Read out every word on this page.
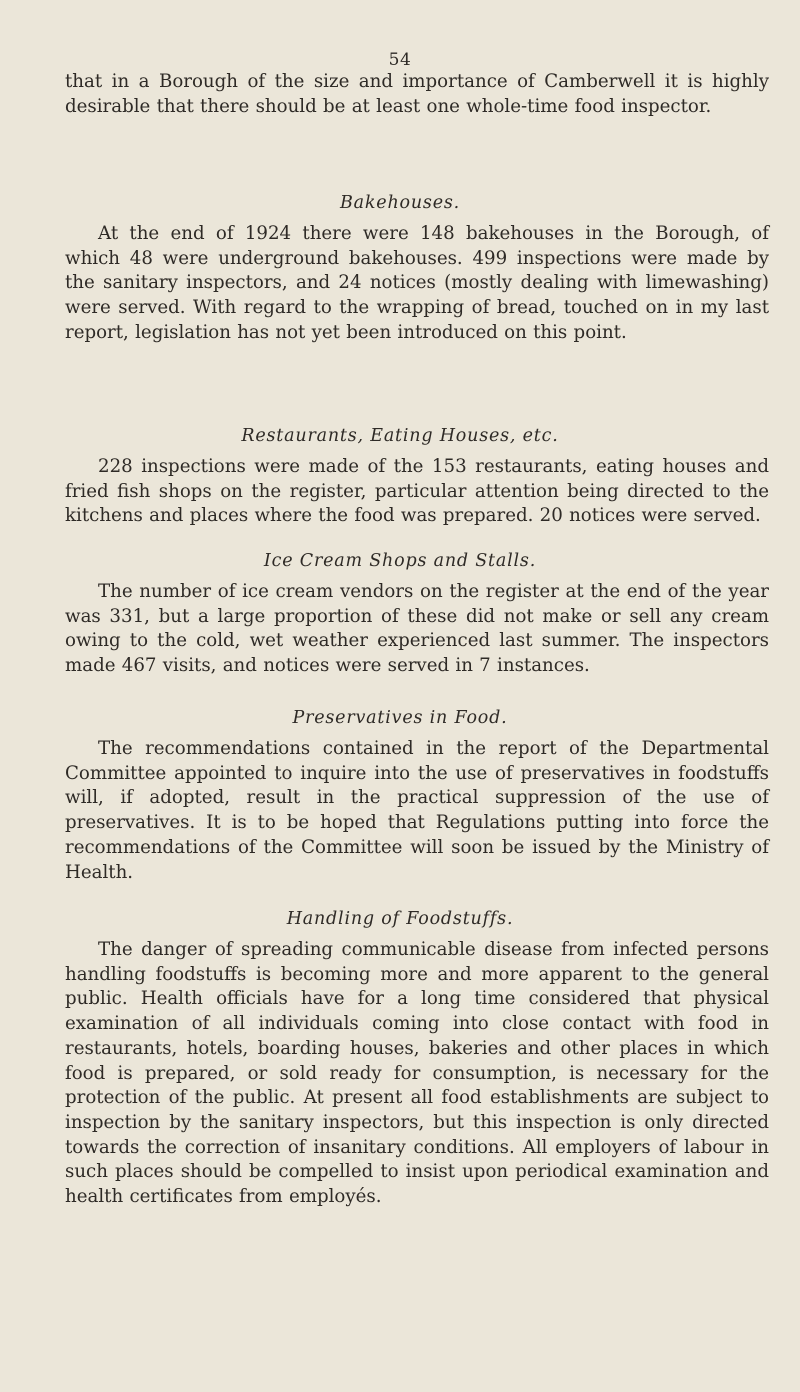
54

that in a Borough of the size and importance of Camberwell it is highly desirable that there should be at least one whole-time food inspector.

Bakehouses.

At the end of 1924 there were 148 bakehouses in the Borough, of which 48 were underground bakehouses. 499 inspections were made by the sanitary inspectors, and 24 notices (mostly dealing with limewashing) were served. With regard to the wrapping of bread, touched on in my last report, legislation has not yet been introduced on this point.

Restaurants, Eating Houses, etc.

228 inspections were made of the 153 restaurants, eating houses and fried fish shops on the register, particular attention being directed to the kitchens and places where the food was prepared. 20 notices were served.

Ice Cream Shops and Stalls.

The number of ice cream vendors on the register at the end of the year was 331, but a large proportion of these did not make or sell any cream owing to the cold, wet weather experienced last summer. The inspectors made 467 visits, and notices were served in 7 instances.

Preservatives in Food.

The recommendations contained in the report of the Departmental Committee appointed to inquire into the use of preservatives in foodstuffs will, if adopted, result in the practical suppression of the use of preservatives. It is to be hoped that Regulations putting into force the recommendations of the Committee will soon be issued by the Ministry of Health.

Handling of Foodstuffs.

The danger of spreading communicable disease from infected persons handling foodstuffs is becoming more and more apparent to the general public. Health officials have for a long time considered that physical examination of all individuals coming into close contact with food in restaurants, hotels, boarding houses, bakeries and other places in which food is prepared, or sold ready for consumption, is necessary for the protection of the public. At present all food establishments are subject to inspection by the sanitary inspectors, but this inspection is only directed towards the correction of insanitary conditions. All employers of labour in such places should be compelled to insist upon periodical examination and health certificates from employés.
